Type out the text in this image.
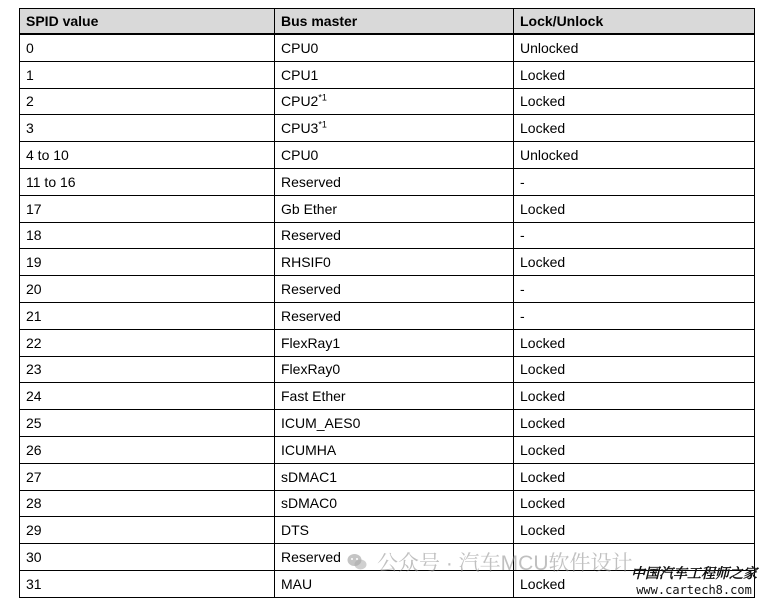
SPID value	Bus master	Lock/Unlock
0	CPU0	Unlocked
1	CPU1	Locked
2	CPU2$^{*1}$	Locked
3	CPU3$^{*1}$	Locked
4 to 10	CPU0	Unlocked
11 to 16	Reserved	-
17	Gb Ether	Locked
18	Reserved	-
19	RHSIF0	Locked
20	Reserved	-
21	Reserved	-
22	FlexRay1	Locked
23	FlexRay0	Locked
24	Fast Ether	Locked
25	ICUM_AES0	Locked
26	ICUMHA	Locked
27	sDMAC1	Locked
28	sDMAC0	Locked
29	DTS	Locked
30	Reserved	
31	MAU	Locked
公众号 · 汽车MCU软件设计
中国汽车工程师之家
www.cartech8.com
